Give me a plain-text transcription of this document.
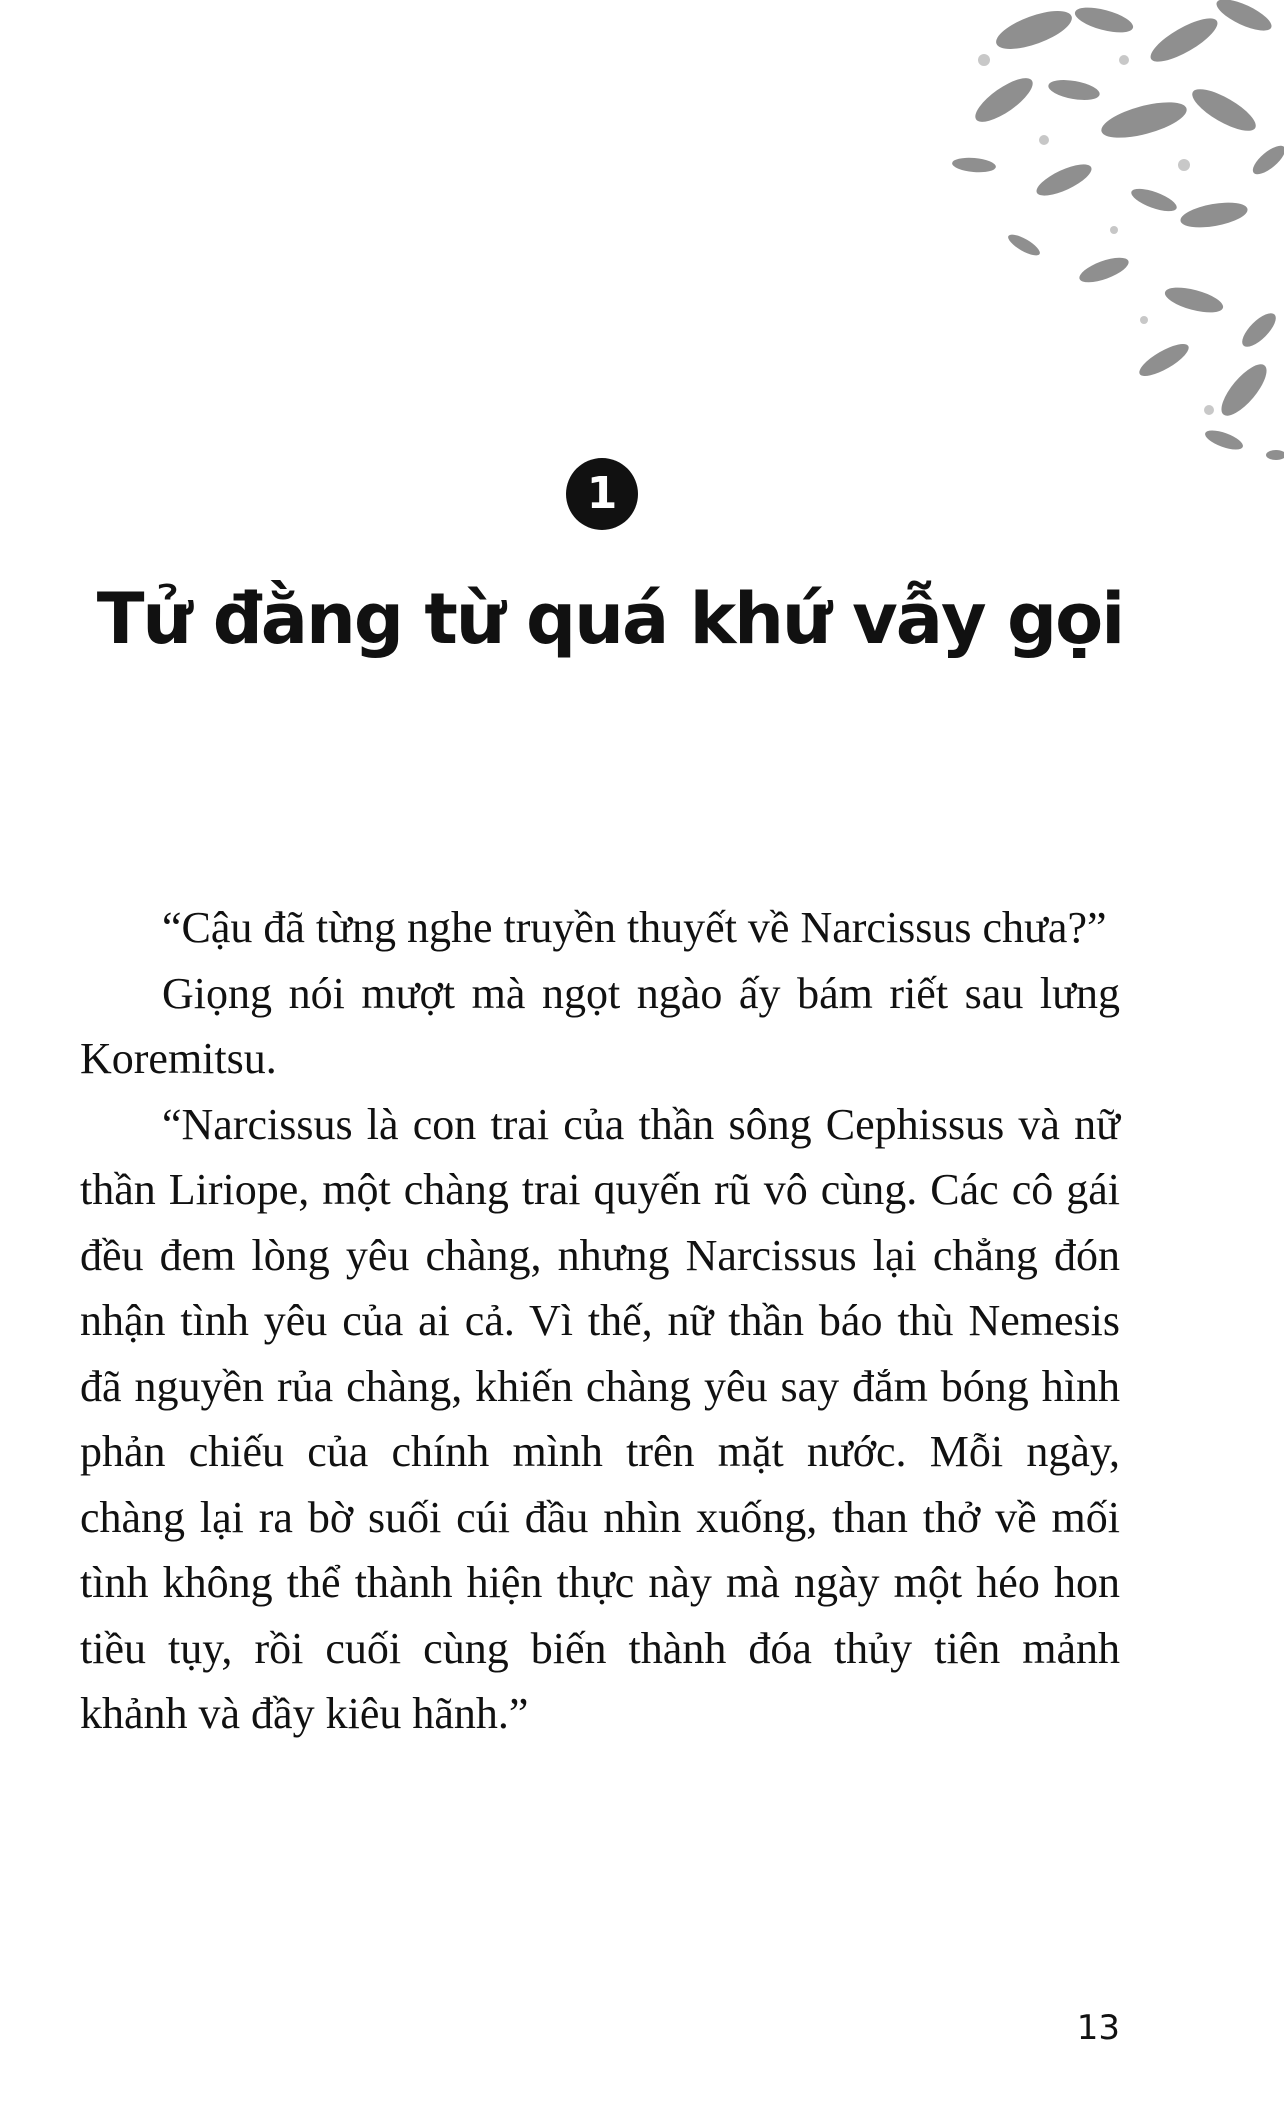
1
Tử đằng từ quá khứ vẫy gọi

“Cậu đã từng nghe truyền thuyết về Narcissus chưa?”

Giọng nói mượt mà ngọt ngào ấy bám riết sau lưng Koremitsu.

“Narcissus là con trai của thần sông Cephissus và nữ thần Liriope, một chàng trai quyến rũ vô cùng. Các cô gái đều đem lòng yêu chàng, nhưng Narcissus lại chẳng đón nhận tình yêu của ai cả. Vì thế, nữ thần báo thù Nemesis đã nguyền rủa chàng, khiến chàng yêu say đắm bóng hình phản chiếu của chính mình trên mặt nước. Mỗi ngày, chàng lại ra bờ suối cúi đầu nhìn xuống, than thở về mối tình không thể thành hiện thực này mà ngày một héo hon tiều tụy, rồi cuối cùng biến thành đóa thủy tiên mảnh khảnh và đầy kiêu hãnh.”

13
